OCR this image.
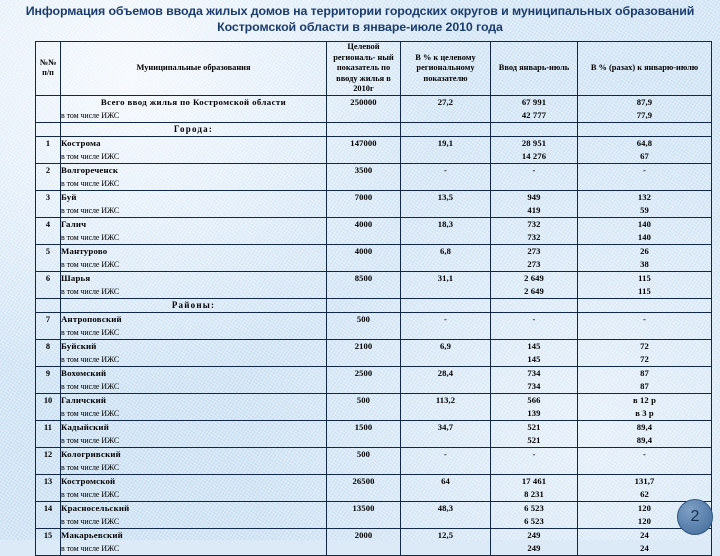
Информация объемов ввода жилых домов на территории городских округов и муниципальных образований
Костромской области в январе-июле 2010 года
№№ п/п	Муниципальные образования	Целевой региональ- ный показатель по вводу жилья в 2010г	В % к целевому региональному показателю	Ввод январь-июль	В % (разах) к январю-июлю
	Всего ввод жилья по Костромской области	250000	27,2	67 991	87,9
	в том числе ИЖС			42 777	77,9
	Города:				
1	Кострома	147000	19,1	28 951	64,8
	в том числе ИЖС			14 276	67
2	Волгореченск	3500	-	-	-
	в том числе ИЖС				
3	Буй	7000	13,5	949	132
	в том числе ИЖС			419	59
4	Галич	4000	18,3	732	140
	в том числе ИЖС			732	140
5	Мантурово	4000	6,8	273	26
	в том числе ИЖС			273	38
6	Шарья	8500	31,1	2 649	115
	в том числе ИЖС			2 649	115
	Районы:				
7	Антроповский	500	-	-	-
	в том числе ИЖС				
8	Буйский	2100	6,9	145	72
	в том числе ИЖС			145	72
9	Вохомский	2500	28,4	734	87
	в том числе ИЖС			734	87
10	Галичский	500	113,2	566	в 12 р
	в том числе ИЖС			139	в 3 р
11	Кадыйский	1500	34,7	521	89,4
	в том числе ИЖС			521	89,4
12	Кологривский	500	-	-	-
	в том числе ИЖС				
13	Костромской	26500	64	17 461	131,7
	в том числе ИЖС			8 231	62
14	Красносельский	13500	48,3	6 523	120
	в том числе ИЖС			6 523	120
15	Макарьевский	2000	12,5	249	24
	в том числе ИЖС			249	24
2
